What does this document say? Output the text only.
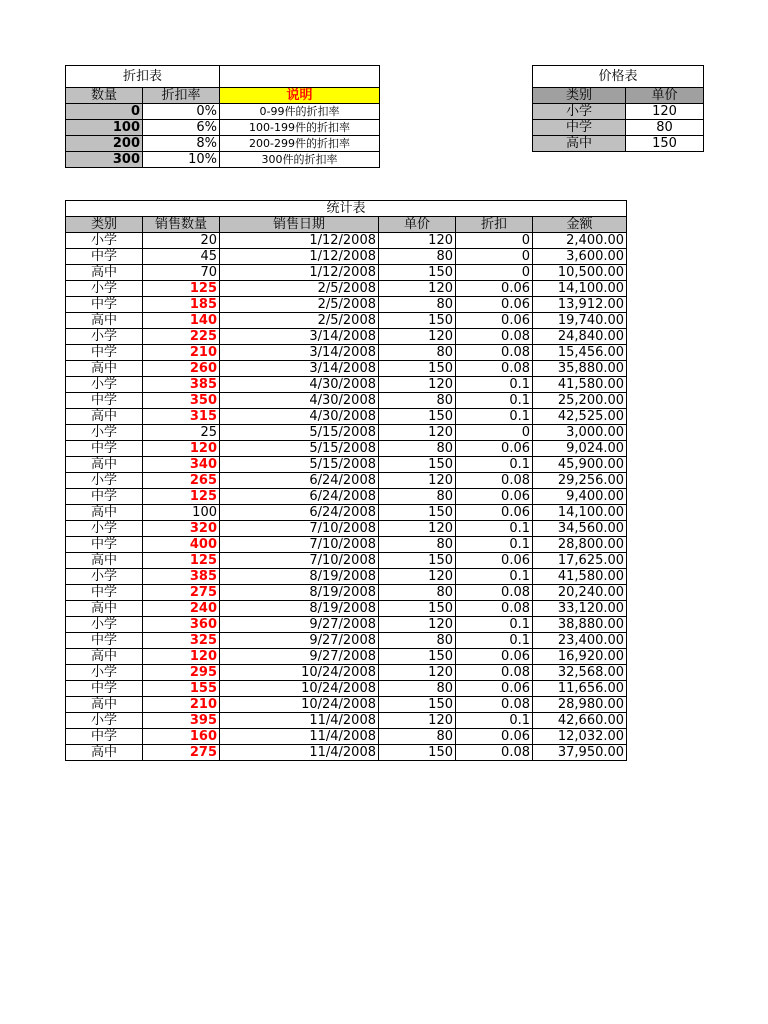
折扣表		
数量	折扣率	说明
0	0%	0-99件的折扣率
100	6%	100-199件的折扣率
200	8%	200-299件的折扣率
300	10%	300件的折扣率
价格表	
类别	单价
小学	120
中学	80
高中	150
统计表					
类别	销售数量	销售日期	单价	折扣	金额
小学	20	1/12/2008	120	0	2,400.00
中学	45	1/12/2008	80	0	3,600.00
高中	70	1/12/2008	150	0	10,500.00
小学	125	2/5/2008	120	0.06	14,100.00
中学	185	2/5/2008	80	0.06	13,912.00
高中	140	2/5/2008	150	0.06	19,740.00
小学	225	3/14/2008	120	0.08	24,840.00
中学	210	3/14/2008	80	0.08	15,456.00
高中	260	3/14/2008	150	0.08	35,880.00
小学	385	4/30/2008	120	0.1	41,580.00
中学	350	4/30/2008	80	0.1	25,200.00
高中	315	4/30/2008	150	0.1	42,525.00
小学	25	5/15/2008	120	0	3,000.00
中学	120	5/15/2008	80	0.06	9,024.00
高中	340	5/15/2008	150	0.1	45,900.00
小学	265	6/24/2008	120	0.08	29,256.00
中学	125	6/24/2008	80	0.06	9,400.00
高中	100	6/24/2008	150	0.06	14,100.00
小学	320	7/10/2008	120	0.1	34,560.00
中学	400	7/10/2008	80	0.1	28,800.00
高中	125	7/10/2008	150	0.06	17,625.00
小学	385	8/19/2008	120	0.1	41,580.00
中学	275	8/19/2008	80	0.08	20,240.00
高中	240	8/19/2008	150	0.08	33,120.00
小学	360	9/27/2008	120	0.1	38,880.00
中学	325	9/27/2008	80	0.1	23,400.00
高中	120	9/27/2008	150	0.06	16,920.00
小学	295	10/24/2008	120	0.08	32,568.00
中学	155	10/24/2008	80	0.06	11,656.00
高中	210	10/24/2008	150	0.08	28,980.00
小学	395	11/4/2008	120	0.1	42,660.00
中学	160	11/4/2008	80	0.06	12,032.00
高中	275	11/4/2008	150	0.08	37,950.00
